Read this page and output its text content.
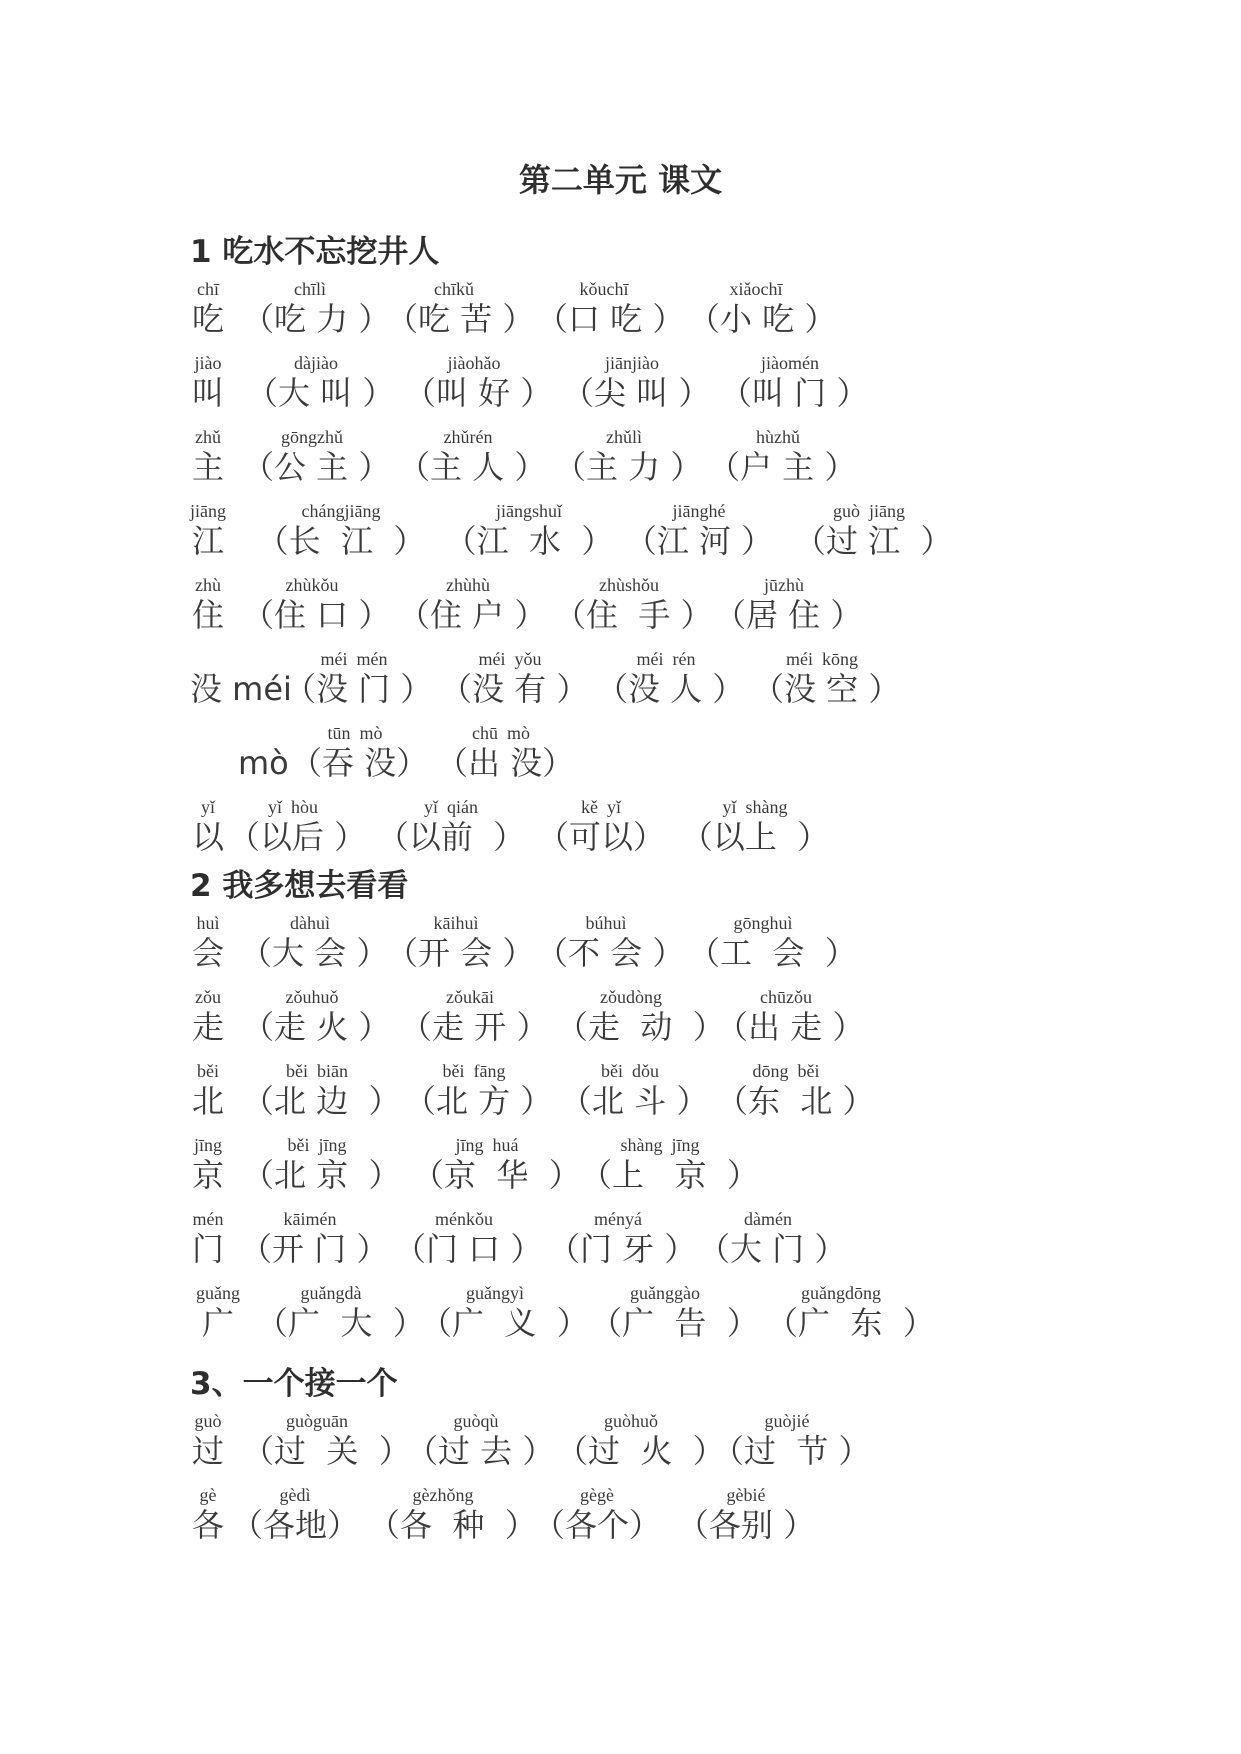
第二单元 课文
1 吃水不忘挖井人
chī
吃
chīlì
（吃 力 ）
chīkǔ
（吃 苦 ）
kǒuchī
（口 吃 ）
xiǎochī
（小 吃 ）
jiào
叫
dàjiào
（大 叫 ）
jiàohǎo
（叫 好 ）
jiānjiào
（尖 叫 ）
jiàomén
（叫 门 ）
zhǔ
主
gōngzhǔ
（公 主 ）
zhǔrén
（主 人 ）
zhǔlì
（主 力 ）
hùzhǔ
（户 主 ）
jiāng
江
chángjiāng
（长  江  ）
jiāngshuǐ
（江  水  ）
jiānghé
（江 河 ）
guò  jiāng
（过 江  ）
zhù
住
zhùkǒu
（住 口 ）
zhùhù
（住 户 ）
zhùshǒu
（住  手 ）
jūzhù
（居 住 ）
没 méi
méi  mén
（没 门 ）
méi  yǒu
（没 有 ）
méi  rén
（没 人 ）
méi  kōng
（没 空 ）
mò
tūn  mò
（吞 没）
chū  mò
（出 没）
yǐ
以
yǐ  hòu
（以后 ）
yǐ  qián
（以前  ）
kě  yǐ
（可以）
yǐ  shàng
（以上  ）
2 我多想去看看
huì
会
dàhuì
（大 会 ）
kāihuì
（开 会 ）
búhuì
（不 会 ）
gōnghuì
（工  会  ）
zǒu
走
zǒuhuǒ
（走 火 ）
zǒukāi
（走 开 ）
zǒudòng
（走  动  ）
chūzǒu
（出 走 ）
běi
北
běi  biān
（北 边  ）
běi  fāng
（北 方 ）
běi  dǒu
（北 斗 ）
dōng  běi
（东  北 ）
jīng
京
běi  jīng
（北 京  ）
jīng  huá
（京  华  ）
shàng  jīng
（上   京  ）
mén
门
kāimén
（开 门 ）
ménkǒu
（门 口 ）
ményá
（门 牙 ）
dàmén
（大 门 ）
guǎng
广
guǎngdà
（广  大  ）
guǎngyì
（广  义  ）
guǎnggào
（广  告  ）
guǎngdōng
（广  东  ）
3、一个接一个
guò
过
guòguān
（过  关  ）
guòqù
（过 去 ）
guòhuǒ
（过  火  ）
guòjié
（过  节 ）
gè
各
gèdì
（各地）
gèzhǒng
（各  种  ）
gègè
（各个）
gèbié
（各别 ）
